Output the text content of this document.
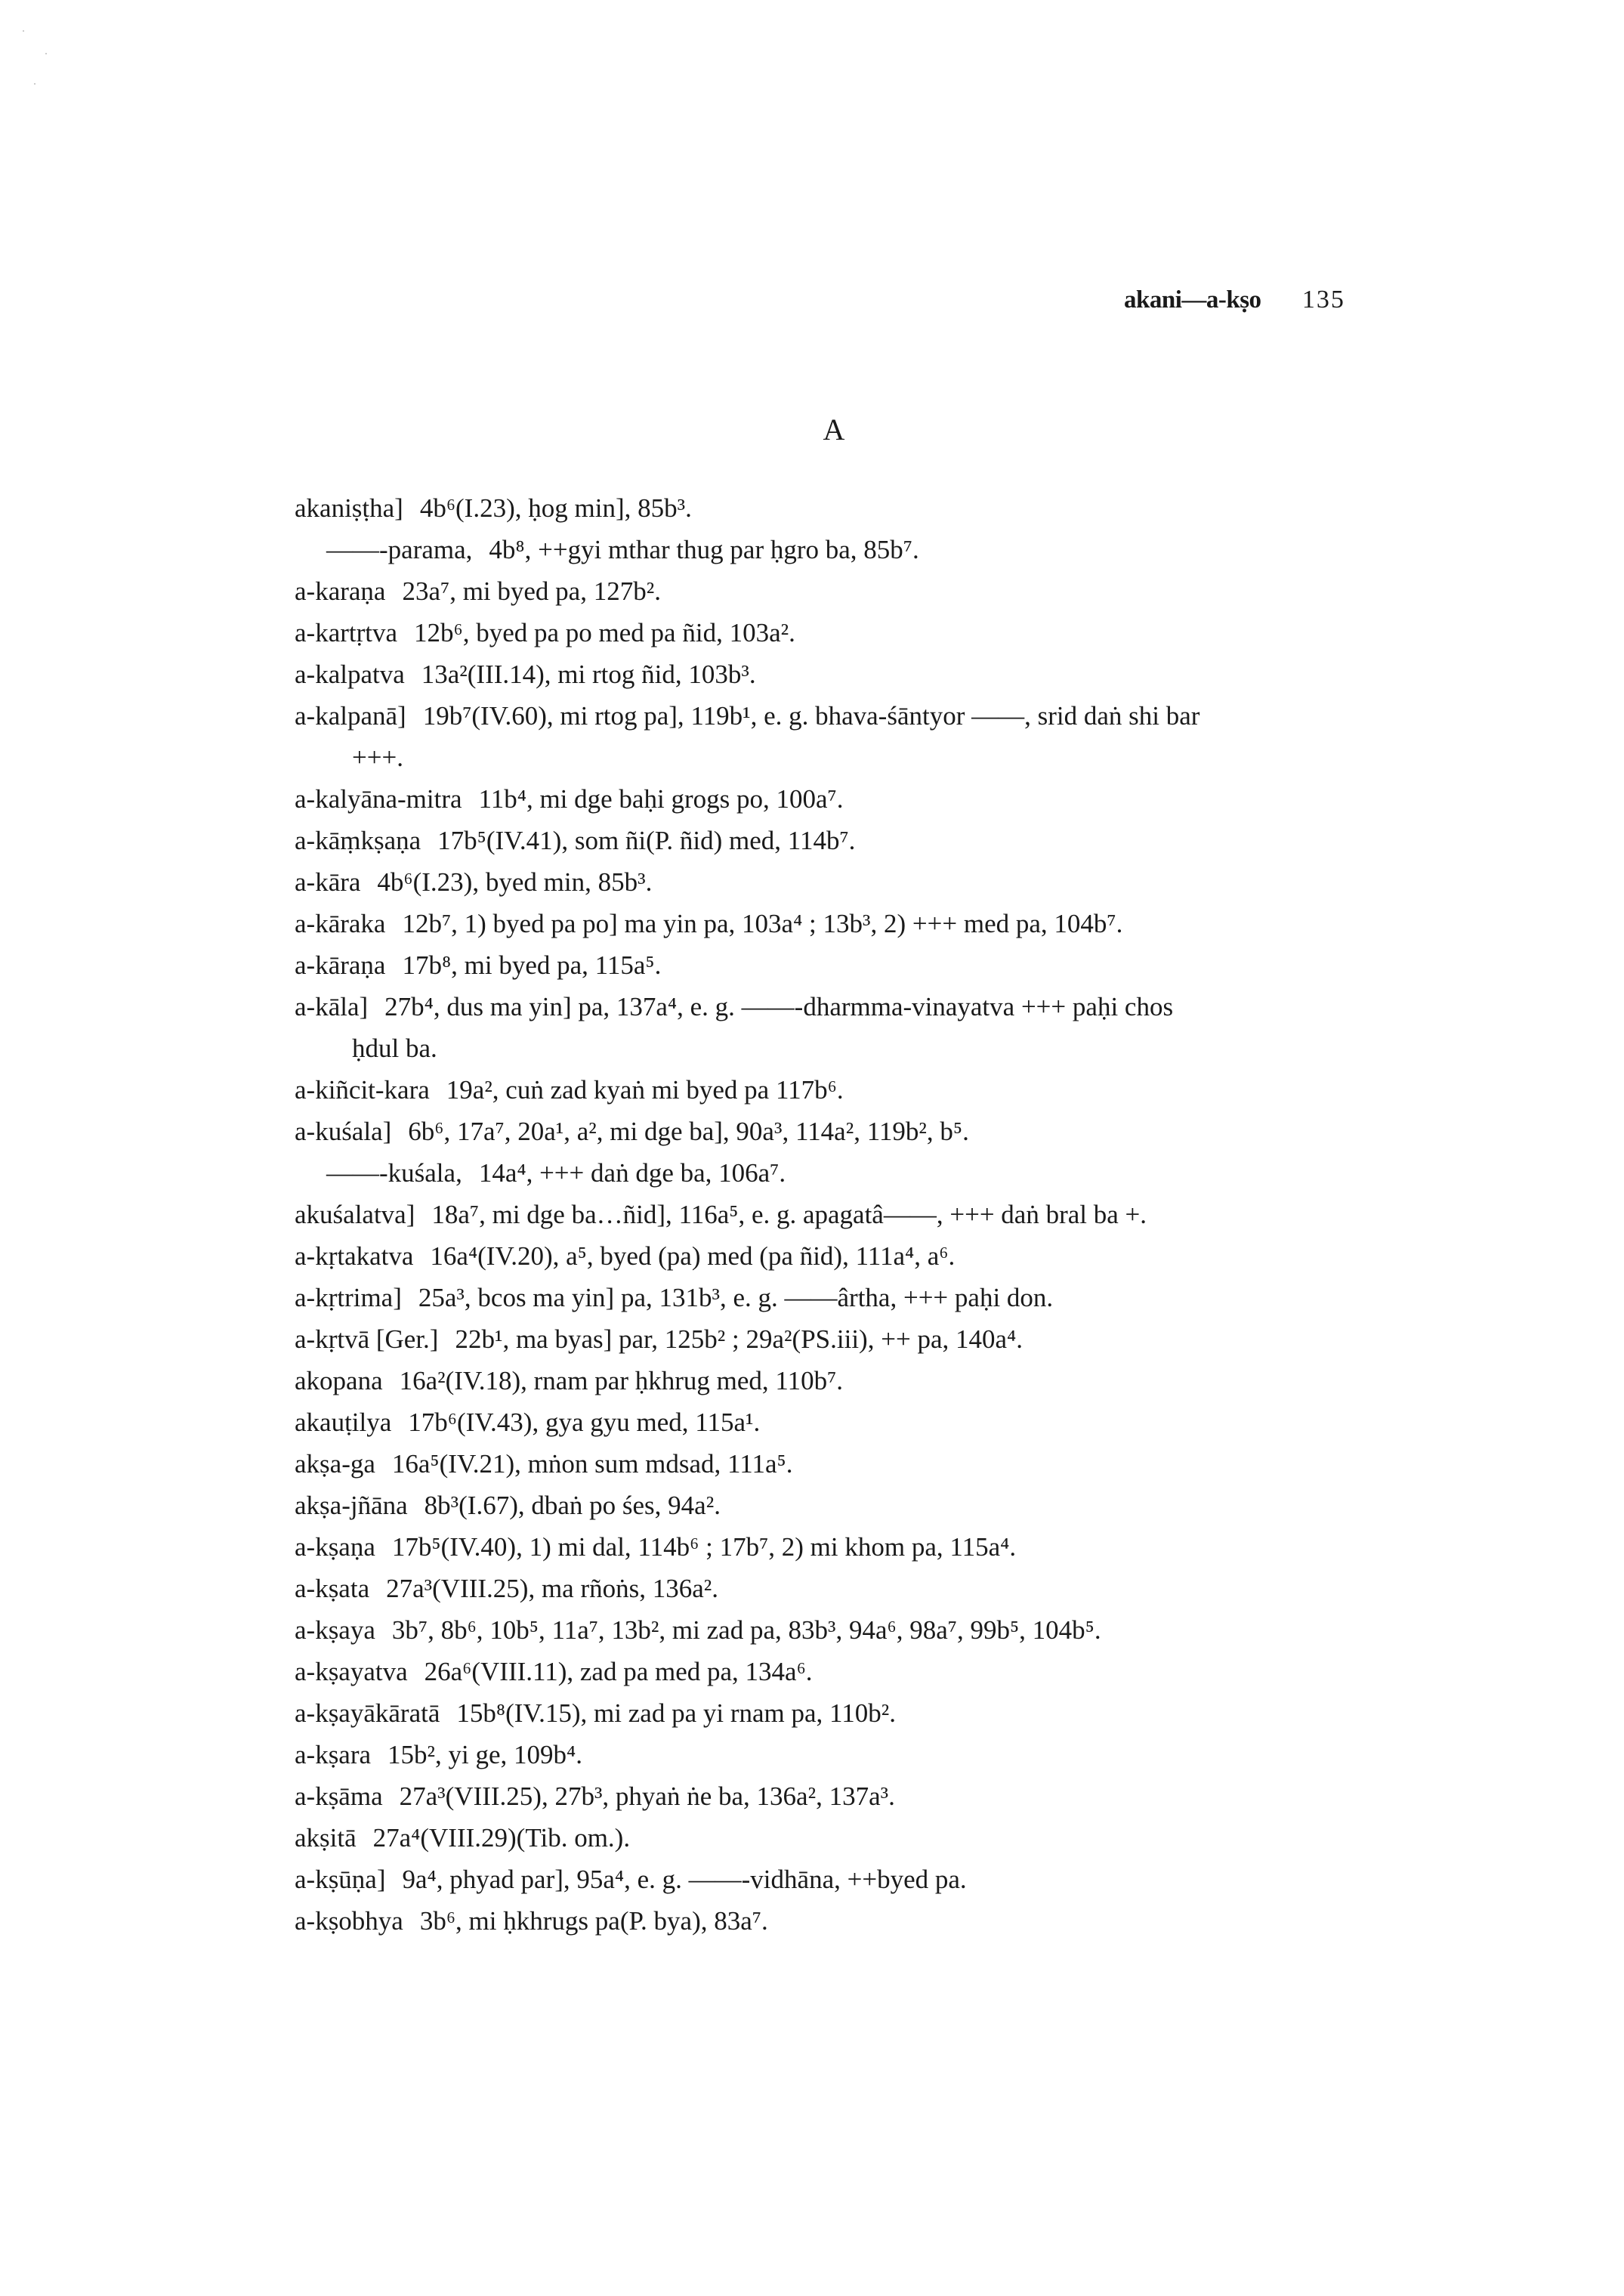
akani—a-kṣo 135
A
akaniṣṭha] 4b⁶(I.23), ḥog min], 85b³.
——-parama, 4b⁸, ++gyi mthar thug par ḥgro ba, 85b⁷.
a-karaṇa 23a⁷, mi byed pa, 127b².
a-kartṛtva 12b⁶, byed pa po med pa ñid, 103a².
a-kalpatva 13a²(III.14), mi rtog ñid, 103b³.
a-kalpanā] 19b⁷(IV.60), mi rtog pa], 119b¹, e. g. bhava-śāntyor ——, srid daṅ shi bar
+++.
a-kalyāna-mitra 11b⁴, mi dge baḥi grogs po, 100a⁷.
a-kāṃkṣaṇa 17b⁵(IV.41), som ñi(P. ñid) med, 114b⁷.
a-kāra 4b⁶(I.23), byed min, 85b³.
a-kāraka 12b⁷, 1) byed pa po] ma yin pa, 103a⁴ ; 13b³, 2) +++ med pa, 104b⁷.
a-kāraṇa 17b⁸, mi byed pa, 115a⁵.
a-kāla] 27b⁴, dus ma yin] pa, 137a⁴, e. g. ——-dharmma-vinayatva +++ paḥi chos
ḥdul ba.
a-kiñcit-kara 19a², cuṅ zad kyaṅ mi byed pa 117b⁶.
a-kuśala] 6b⁶, 17a⁷, 20a¹, a², mi dge ba], 90a³, 114a², 119b², b⁵.
——-kuśala, 14a⁴, +++ daṅ dge ba, 106a⁷.
akuśalatva] 18a⁷, mi dge ba…ñid], 116a⁵, e. g. apagatâ——, +++ daṅ bral ba +.
a-kṛtakatva 16a⁴(IV.20), a⁵, byed (pa) med (pa ñid), 111a⁴, a⁶.
a-kṛtrima] 25a³, bcos ma yin] pa, 131b³, e. g. ——ârtha, +++ paḥi don.
a-kṛtvā [Ger.] 22b¹, ma byas] par, 125b² ; 29a²(PS.iii), ++ pa, 140a⁴.
akopana 16a²(IV.18), rnam par ḥkhrug med, 110b⁷.
akauṭilya 17b⁶(IV.43), gya gyu med, 115a¹.
akṣa-ga 16a⁵(IV.21), mṅon sum mdsad, 111a⁵.
akṣa-jñāna 8b³(I.67), dbaṅ po śes, 94a².
a-kṣaṇa 17b⁵(IV.40), 1) mi dal, 114b⁶ ; 17b⁷, 2) mi khom pa, 115a⁴.
a-kṣata 27a³(VIII.25), ma rñoṅs, 136a².
a-kṣaya 3b⁷, 8b⁶, 10b⁵, 11a⁷, 13b², mi zad pa, 83b³, 94a⁶, 98a⁷, 99b⁵, 104b⁵.
a-kṣayatva 26a⁶(VIII.11), zad pa med pa, 134a⁶.
a-kṣayākāratā 15b⁸(IV.15), mi zad pa yi rnam pa, 110b².
a-kṣara 15b², yi ge, 109b⁴.
a-kṣāma 27a³(VIII.25), 27b³, phyaṅ ṅe ba, 136a², 137a³.
akṣitā 27a⁴(VIII.29)(Tib. om.).
a-kṣūṇa] 9a⁴, phyad par], 95a⁴, e. g. ——-vidhāna, ++byed pa.
a-kṣobhya 3b⁶, mi ḥkhrugs pa(P. bya), 83a⁷.
